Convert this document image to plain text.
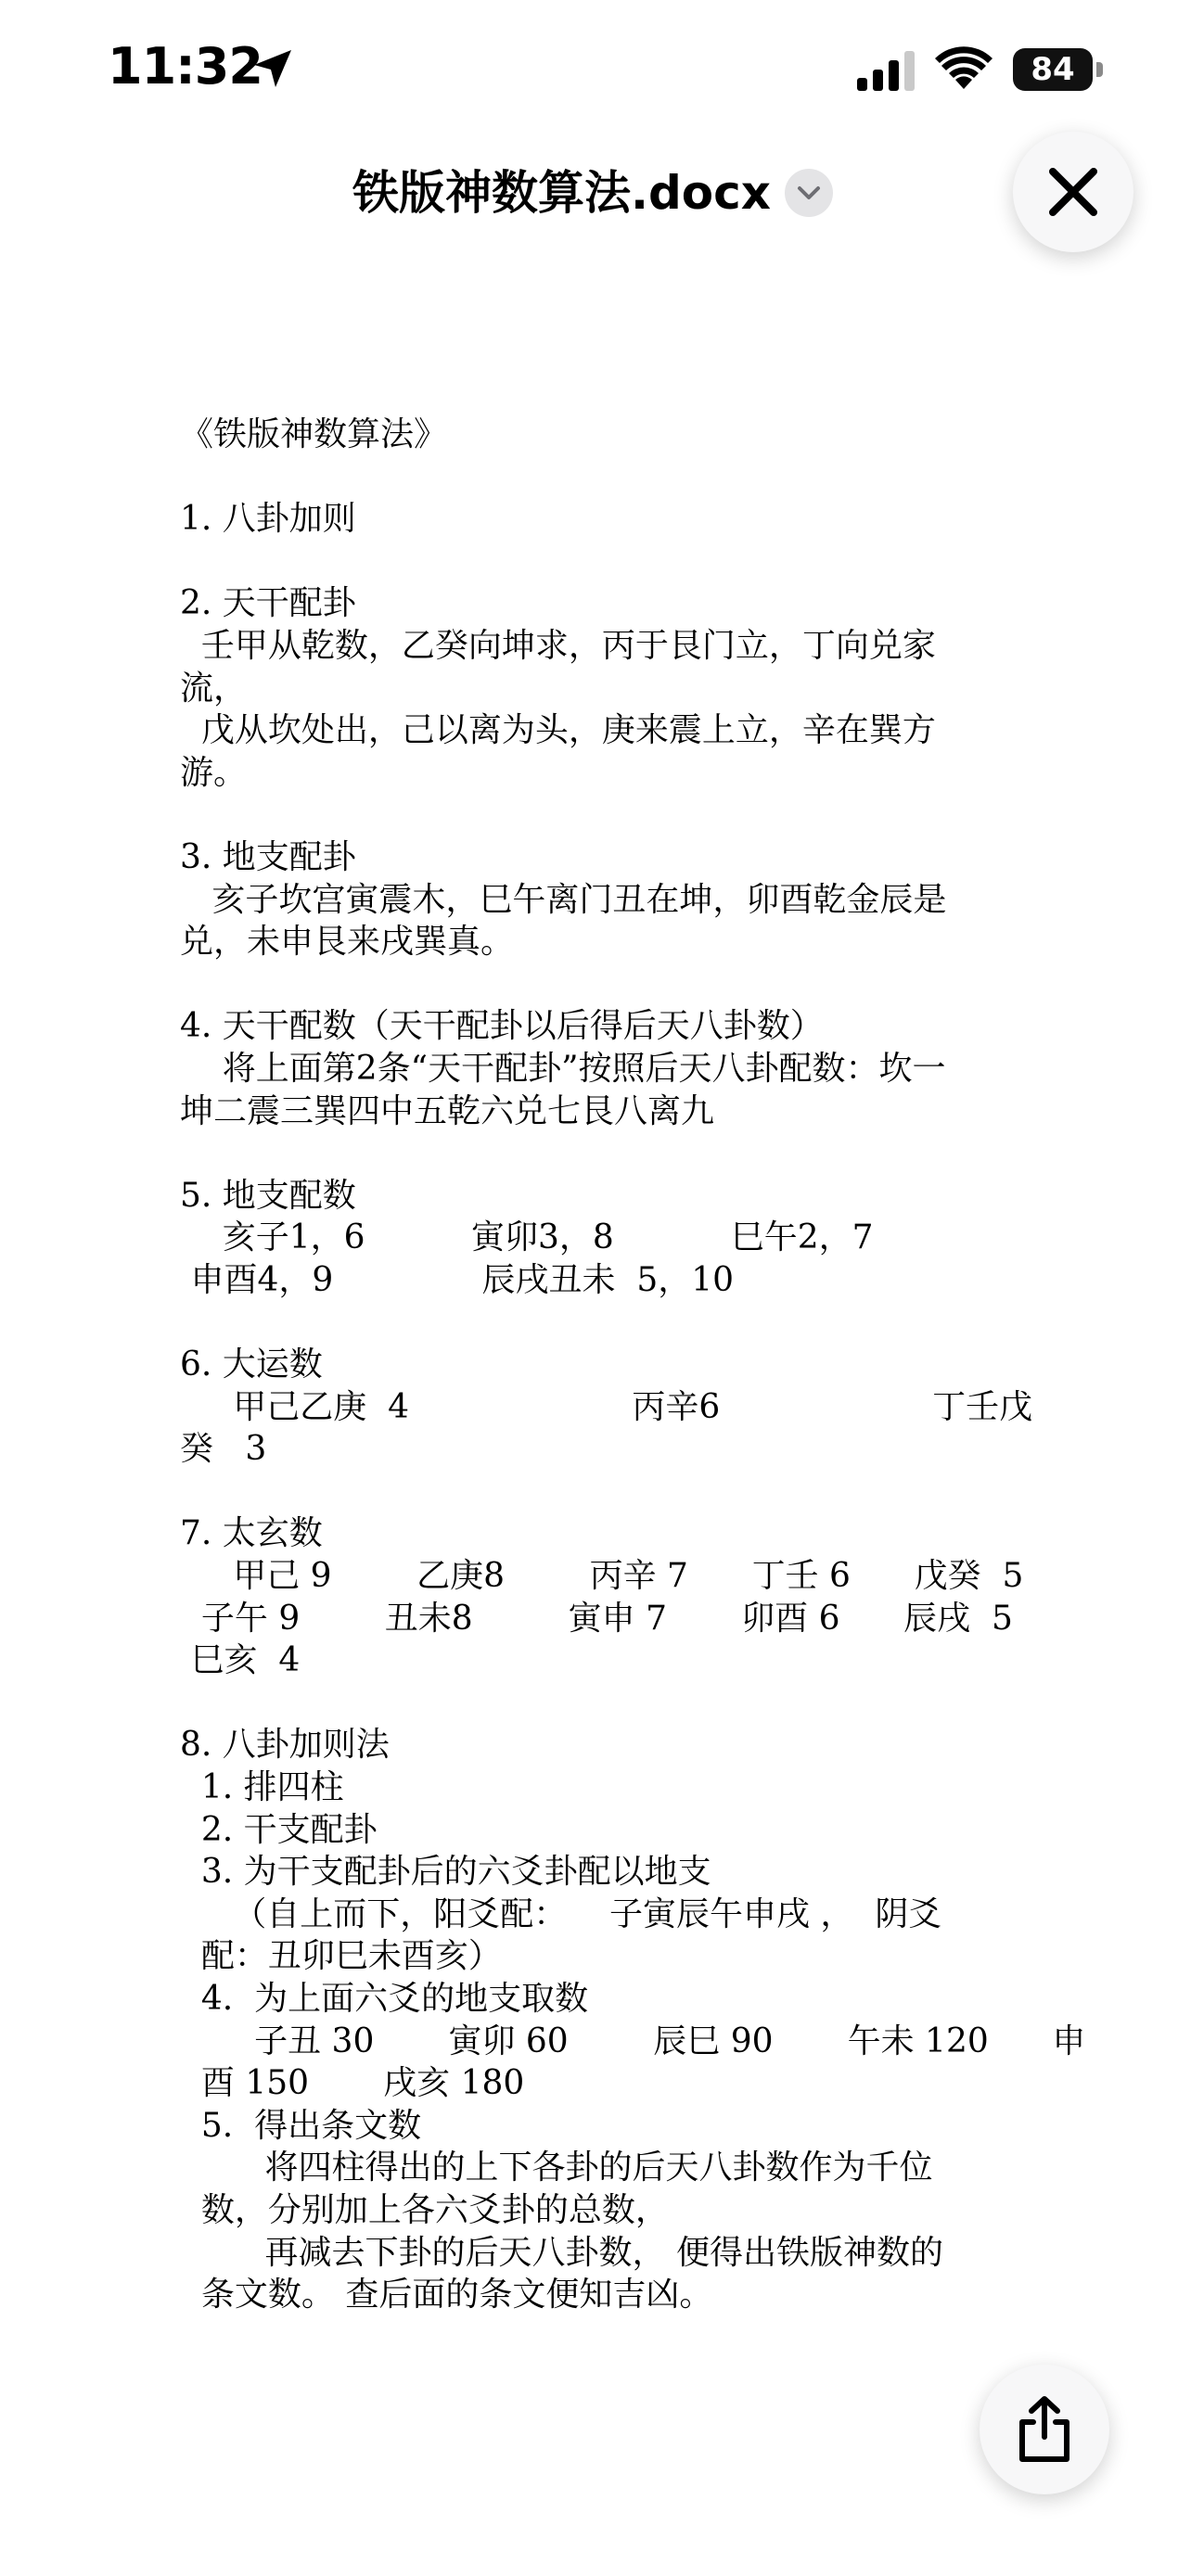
11:32	84
铁版神数算法.docx
《铁版神数算法》
1. 八卦加则
2. 天干配卦
壬甲从乾数，乙癸向坤求，丙于艮门立，丁向兑家
流，
戊从坎处出，己以离为头，庚来震上立，辛在巽方
游。
3. 地支配卦
亥子坎宫寅震木，巳午离门丑在坤，卯酉乾金辰是
兑，未申艮来戌巽真。
4. 天干配数（天干配卦以后得后天八卦数）
将上面第2条“天干配卦”按照后天八卦配数：坎一
坤二震三巽四中五乾六兑七艮八离九
5. 地支配数
亥子1，6          寅卯3，8           巳午2，7
申酉4，9              辰戌丑未  5，10
6. 大运数
甲己乙庚  4                     丙辛6                    丁壬戊
癸   3
7. 太玄数
甲己 9        乙庚8        丙辛 7      丁壬 6      戊癸  5
子午 9        丑未8         寅申 7       卯酉 6      辰戌  5
巳亥  4
8. 八卦加则法
1. 排四柱
2. 干支配卦
3. 为干支配卦后的六爻卦配以地支
（自上而下，阳爻配：    子寅辰午申戌 ，  阴爻
配：丑卯巳未酉亥）
4.  为上面六爻的地支取数
子丑 30       寅卯 60        辰巳 90       午未 120      申
酉 150       戌亥 180
5.  得出条文数
将四柱得出的上下各卦的后天八卦数作为千位
数，分别加上各六爻卦的总数，
再减去下卦的后天八卦数， 便得出铁版神数的
条文数。 查后面的条文便知吉凶。
